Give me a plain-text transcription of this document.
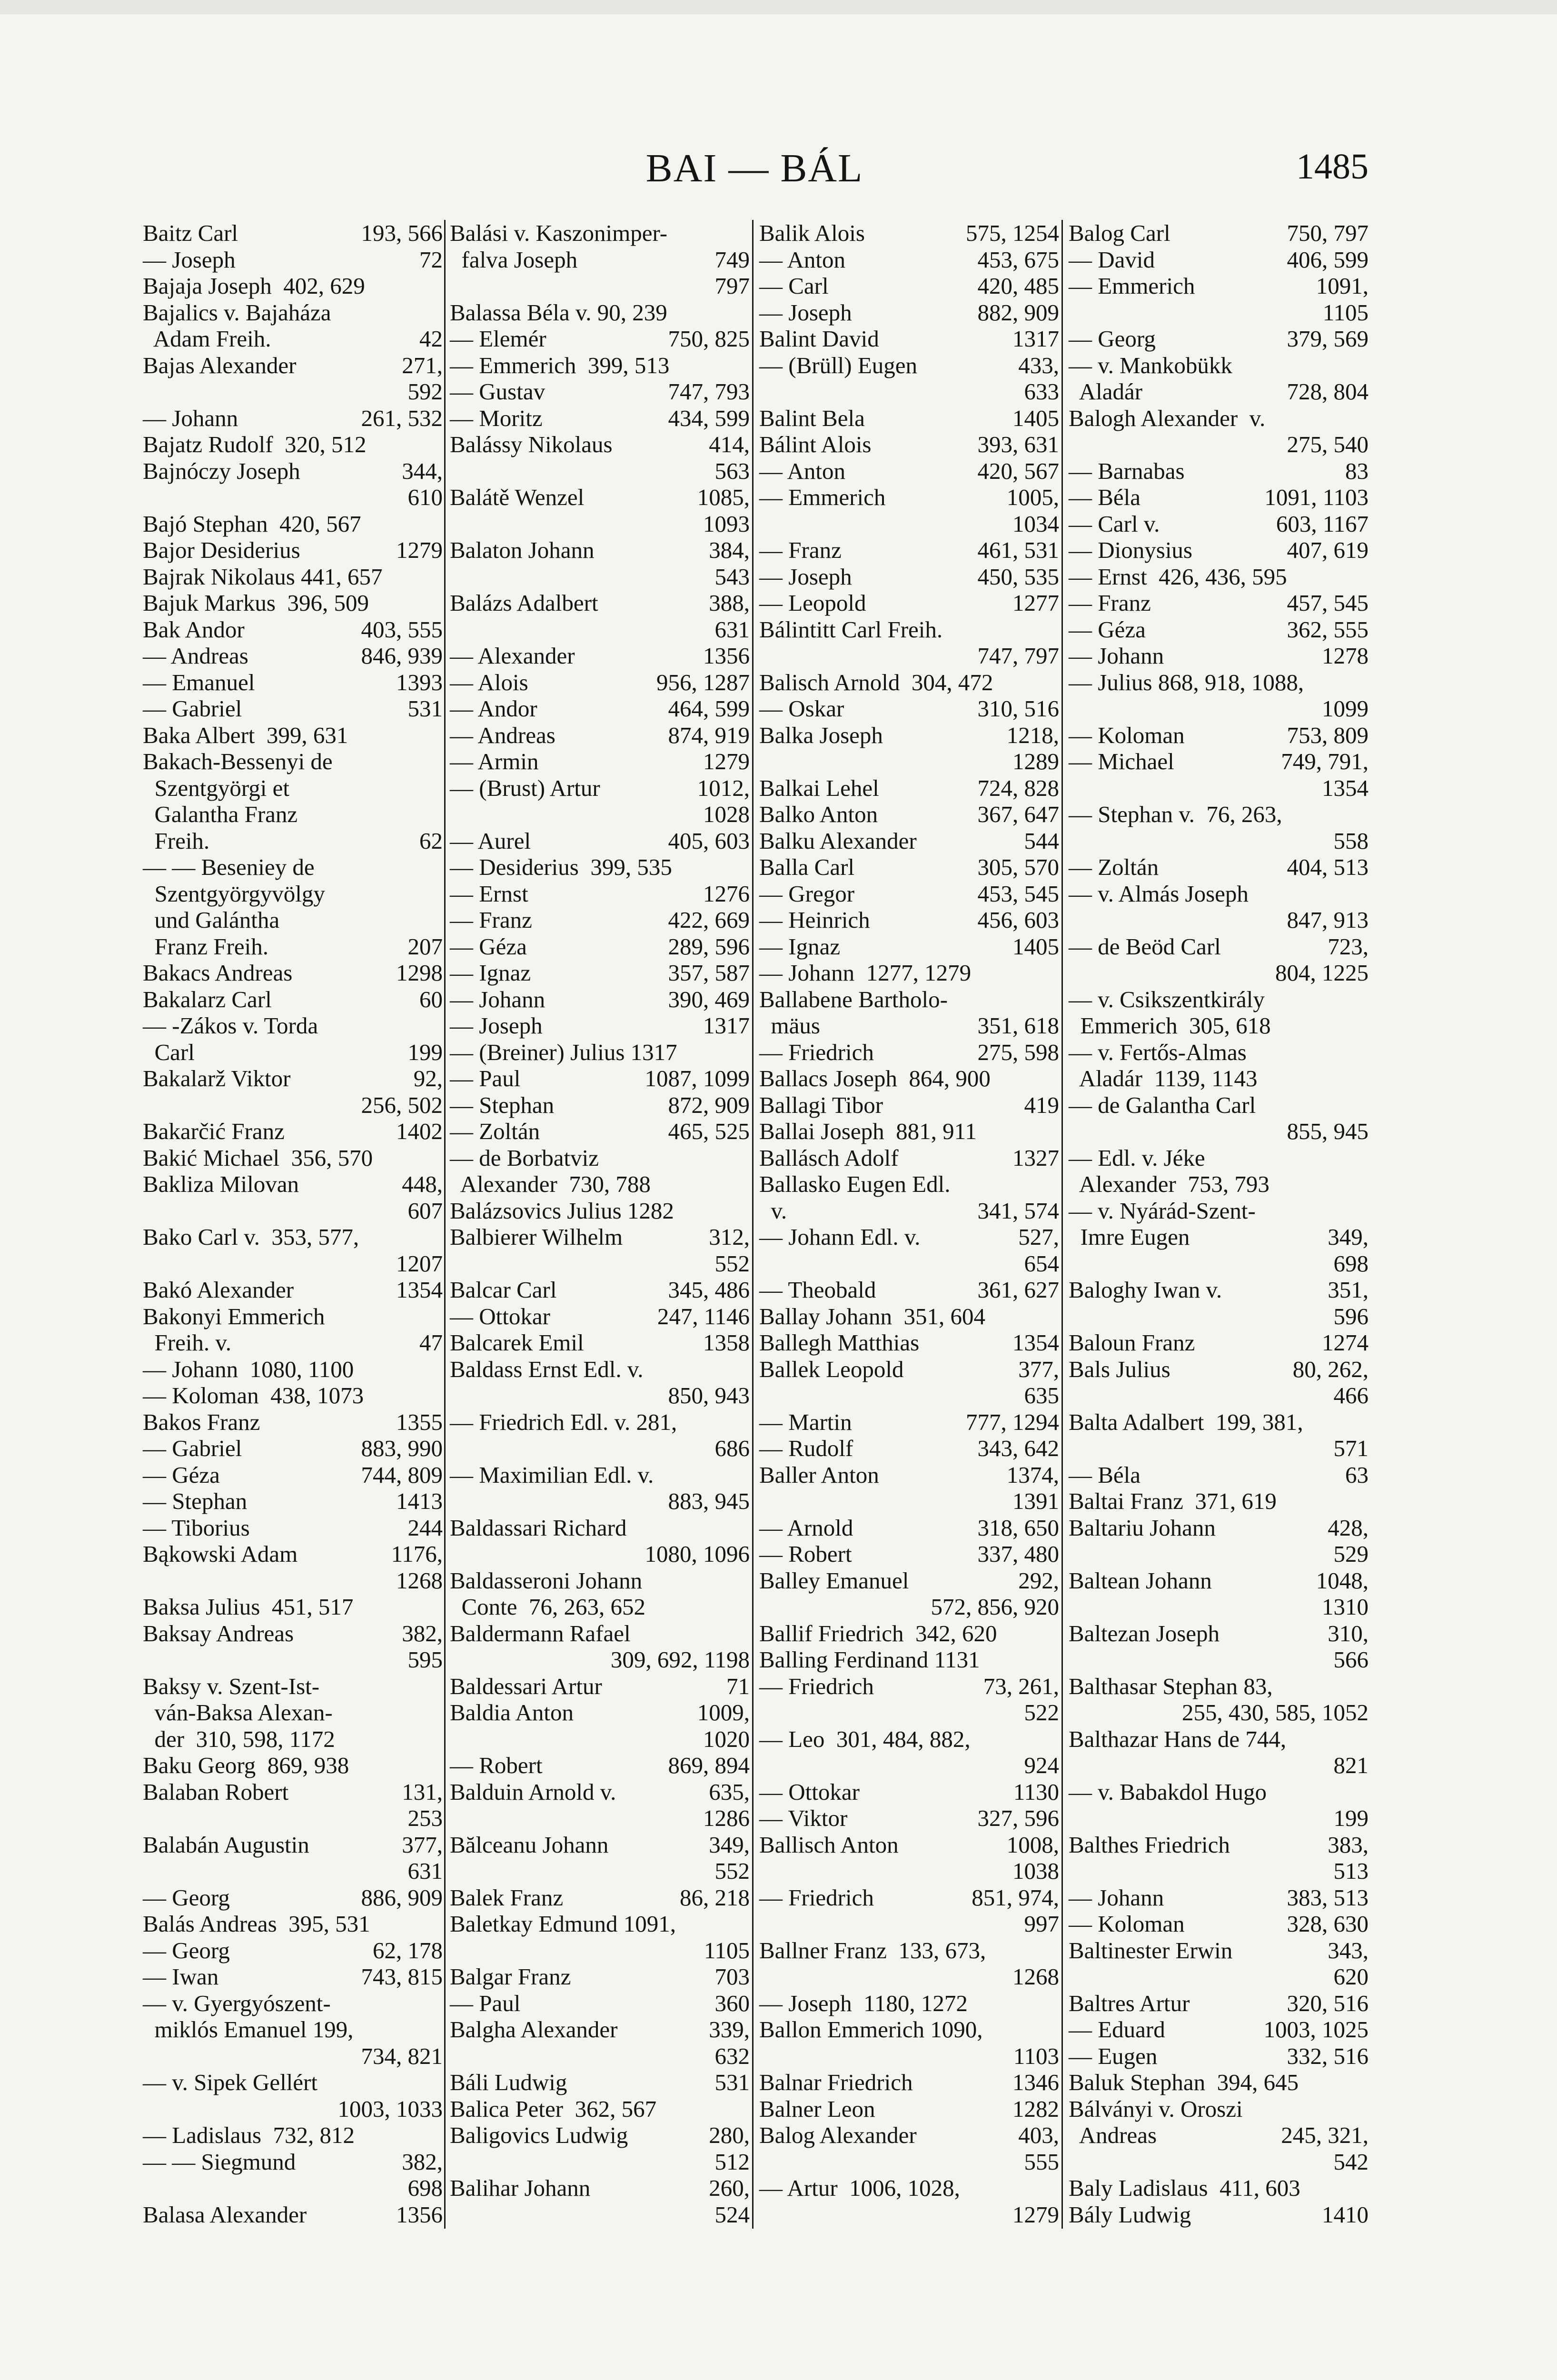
BAI — BÁL	1485
193, 566
Baitz Carl
72
— Joseph
Bajaja Joseph  402, 629
Bajalics v. Bajaháza
42
Adam Freih.
271,
Bajas Alexander
592
261, 532
— Johann
Bajatz Rudolf  320, 512
344,
Bajnóczy Joseph
610
Bajó Stephan  420, 567
1279
Bajor Desiderius
Bajrak Nikolaus 441, 657
Bajuk Markus  396, 509
403, 555
Bak Andor
846, 939
— Andreas
1393
— Emanuel
531
— Gabriel
Baka Albert  399, 631
Bakach-Bessenyi de
Szentgyörgi et
Galantha Franz
62
Freih.
— — Beseniey de
Szentgyörgyvölgy
und Galántha
207
Franz Freih.
1298
Bakacs Andreas
60
Bakalarz Carl
— -Zákos v. Torda
199
Carl
92,
Bakalarž Viktor
256, 502
1402
Bakarčić Franz
Bakić Michael  356, 570
448,
Bakliza Milovan
607
Bako Carl v.  353, 577,
1207
1354
Bakó Alexander
Bakonyi Emmerich
47
Freih. v.
— Johann  1080, 1100
— Koloman  438, 1073
1355
Bakos Franz
883, 990
— Gabriel
744, 809
— Géza
1413
— Stephan
244
— Tiborius
1176,
Bąkowski Adam
1268
Baksa Julius  451, 517
382,
Baksay Andreas
595
Baksy v. Szent-Ist-
ván-Baksa Alexan-
der  310, 598, 1172
Baku Georg  869, 938
131,
Balaban Robert
253
377,
Balabán Augustin
631
886, 909
— Georg
Balás Andreas  395, 531
62, 178
— Georg
743, 815
— Iwan
— v. Gyergyószent-
miklós Emanuel 199,
734, 821
— v. Sipek Gellért
1003, 1033
— Ladislaus  732, 812
382,
— — Siegmund
698
1356
Balasa Alexander
Balási v. Kaszonimper-
749
falva Joseph
797
Balassa Béla v. 90, 239
750, 825
— Elemér
— Emmerich  399, 513
747, 793
— Gustav
434, 599
— Moritz
414,
Balássy Nikolaus
563
1085,
Balátě Wenzel
1093
384,
Balaton Johann
543
388,
Balázs Adalbert
631
1356
— Alexander
956, 1287
— Alois
464, 599
— Andor
874, 919
— Andreas
1279
— Armin
1012,
— (Brust) Artur
1028
405, 603
— Aurel
— Desiderius  399, 535
1276
— Ernst
422, 669
— Franz
289, 596
— Géza
357, 587
— Ignaz
390, 469
— Johann
1317
— Joseph
— (Breiner) Julius 1317
1087, 1099
— Paul
872, 909
— Stephan
465, 525
— Zoltán
— de Borbatviz
Alexander  730, 788
Balázsovics Julius 1282
312,
Balbierer Wilhelm
552
345, 486
Balcar Carl
247, 1146
— Ottokar
1358
Balcarek Emil
Baldass Ernst Edl. v.
850, 943
— Friedrich Edl. v. 281,
686
— Maximilian Edl. v.
883, 945
Baldassari Richard
1080, 1096
Baldasseroni Johann
Conte  76, 263, 652
Baldermann Rafael
309, 692, 1198
71
Baldessari Artur
1009,
Baldia Anton
1020
869, 894
— Robert
635,
Balduin Arnold v.
1286
349,
Bălceanu Johann
552
86, 218
Balek Franz
Baletkay Edmund 1091,
1105
703
Balgar Franz
360
— Paul
339,
Balgha Alexander
632
531
Báli Ludwig
Balica Peter  362, 567
280,
Baligovics Ludwig
512
260,
Balihar Johann
524
575, 1254
Balik Alois
453, 675
— Anton
420, 485
— Carl
882, 909
— Joseph
1317
Balint David
433,
— (Brüll) Eugen
633
1405
Balint Bela
393, 631
Bálint Alois
420, 567
— Anton
1005,
— Emmerich
1034
461, 531
— Franz
450, 535
— Joseph
1277
— Leopold
Bálintitt Carl Freih.
747, 797
Balisch Arnold  304, 472
310, 516
— Oskar
1218,
Balka Joseph
1289
724, 828
Balkai Lehel
367, 647
Balko Anton
544
Balku Alexander
305, 570
Balla Carl
453, 545
— Gregor
456, 603
— Heinrich
1405
— Ignaz
— Johann  1277, 1279
Ballabene Bartholo-
351, 618
mäus
275, 598
— Friedrich
Ballacs Joseph  864, 900
419
Ballagi Tibor
Ballai Joseph  881, 911
1327
Ballásch Adolf
Ballasko Eugen Edl.
341, 574
v.
527,
— Johann Edl. v.
654
361, 627
— Theobald
Ballay Johann  351, 604
1354
Ballegh Matthias
377,
Ballek Leopold
635
777, 1294
— Martin
343, 642
— Rudolf
1374,
Baller Anton
1391
318, 650
— Arnold
337, 480
— Robert
292,
Balley Emanuel
572, 856, 920
Ballif Friedrich  342, 620
Balling Ferdinand 1131
73, 261,
— Friedrich
522
— Leo  301, 484, 882,
924
1130
— Ottokar
327, 596
— Viktor
1008,
Ballisch Anton
1038
851, 974,
— Friedrich
997
Ballner Franz  133, 673,
1268
— Joseph  1180, 1272
Ballon Emmerich 1090,
1103
1346
Balnar Friedrich
1282
Balner Leon
403,
Balog Alexander
555
— Artur  1006, 1028,
1279
750, 797
Balog Carl
406, 599
— David
1091,
— Emmerich
1105
379, 569
— Georg
— v. Mankobükk
728, 804
Aladár
Balogh Alexander  v.
275, 540
83
— Barnabas
1091, 1103
— Béla
603, 1167
— Carl v.
407, 619
— Dionysius
— Ernst  426, 436, 595
457, 545
— Franz
362, 555
— Géza
1278
— Johann
— Julius 868, 918, 1088,
1099
753, 809
— Koloman
749, 791,
— Michael
1354
— Stephan v.  76, 263,
558
404, 513
— Zoltán
— v. Almás Joseph
847, 913
723,
— de Beöd Carl
804, 1225
— v. Csikszentkirály
Emmerich  305, 618
— v. Fertős-Almas
Aladár  1139, 1143
— de Galantha Carl
855, 945
— Edl. v. Jéke
Alexander  753, 793
— v. Nyárád-Szent-
349,
Imre Eugen
698
351,
Baloghy Iwan v.
596
1274
Baloun Franz
80, 262,
Bals Julius
466
Balta Adalbert  199, 381,
571
63
— Béla
Baltai Franz  371, 619
428,
Baltariu Johann
529
1048,
Baltean Johann
1310
310,
Baltezan Joseph
566
Balthasar Stephan 83,
255, 430, 585, 1052
Balthazar Hans de 744,
821
— v. Babakdol Hugo
199
383,
Balthes Friedrich
513
383, 513
— Johann
328, 630
— Koloman
343,
Baltinester Erwin
620
320, 516
Baltres Artur
1003, 1025
— Eduard
332, 516
— Eugen
Baluk Stephan  394, 645
Bálványi v. Oroszi
245, 321,
Andreas
542
Baly Ladislaus  411, 603
1410
Bály Ludwig
